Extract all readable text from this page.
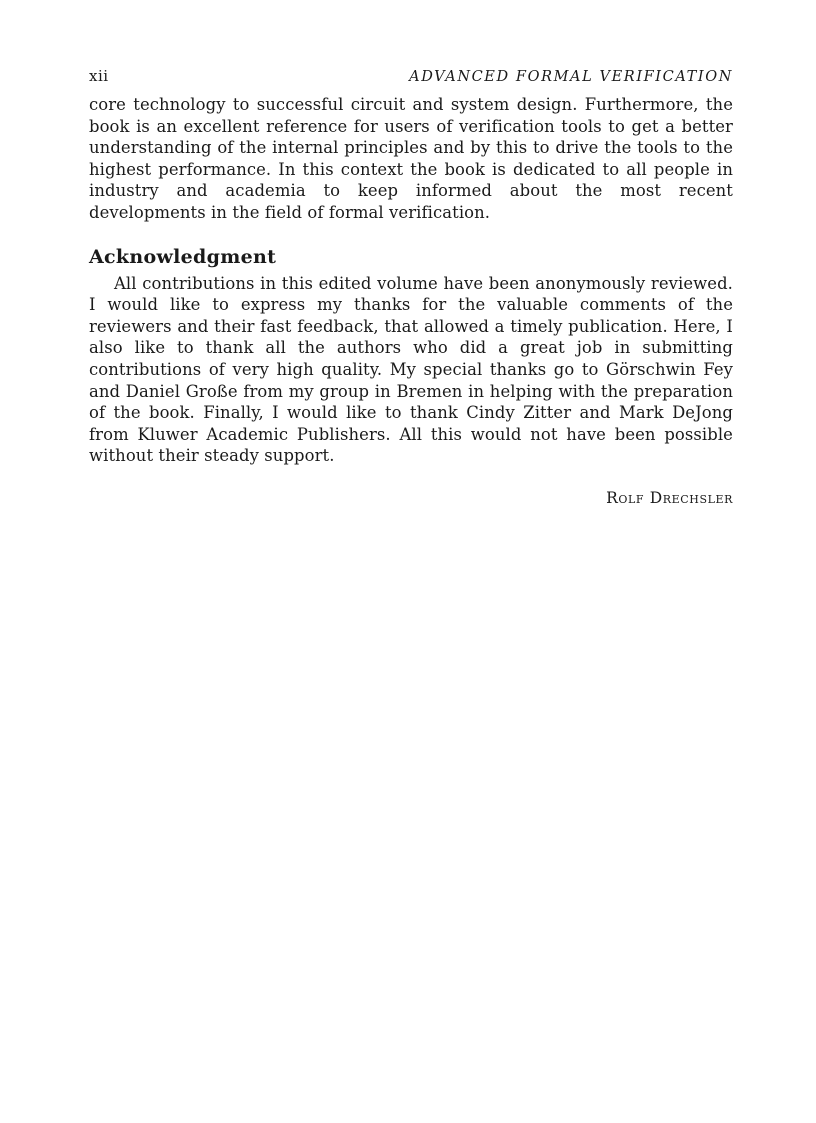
xii	ADVANCED FORMAL VERIFICATION

core technology to successful circuit and system design. Furthermore, the book is an excellent reference for users of verification tools to get a better understanding of the internal principles and by this to drive the tools to the highest performance. In this context the book is dedicated to all people in industry and academia to keep informed about the most recent developments in the field of formal verification.

Acknowledgment

All contributions in this edited volume have been anonymously reviewed. I would like to express my thanks for the valuable comments of the reviewers and their fast feedback, that allowed a timely publication. Here, I also like to thank all the authors who did a great job in submitting contributions of very high quality. My special thanks go to Görschwin Fey and Daniel Große from my group in Bremen in helping with the preparation of the book. Finally, I would like to thank Cindy Zitter and Mark DeJong from Kluwer Academic Publishers. All this would not have been possible without their steady support.

Rolf Drechsler
